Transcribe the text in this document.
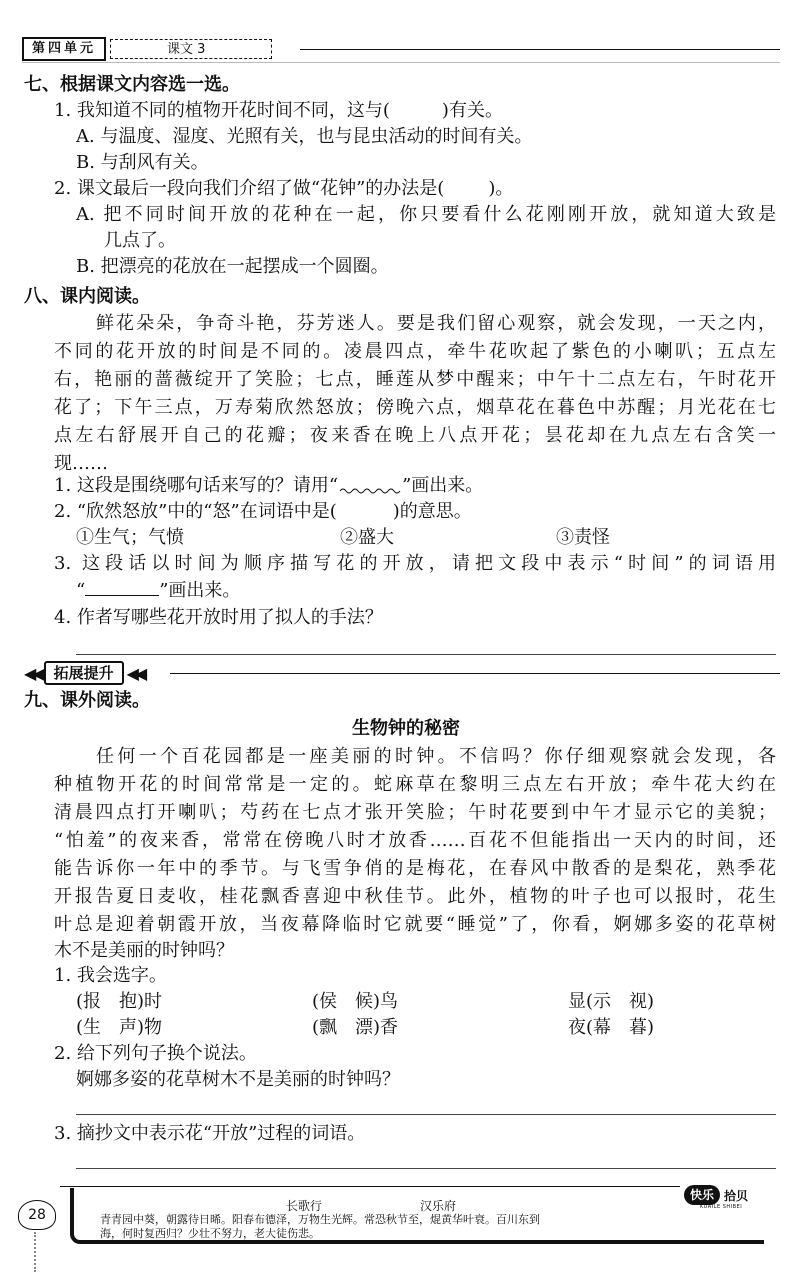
第四单元	课文 3
七、根据课文内容选一选。
1. 我知道不同的植物开花时间不同，这与(	)有关。
A. 与温度、湿度、光照有关，也与昆虫活动的时间有关。
B. 与刮风有关。
2. 课文最后一段向我们介绍了做“花钟”的办法是( )。
A. 把不同时间开放的花种在一起，你只要看什么花刚刚开放，就知道大致是
几点了。
B. 把漂亮的花放在一起摆成一个圆圈。
八、课内阅读。
鲜花朵朵，争奇斗艳，芬芳迷人。要是我们留心观察，就会发现，一天之内，
不同的花开放的时间是不同的。凌晨四点，牵牛花吹起了紫色的小喇叭；五点左
右，艳丽的蔷薇绽开了笑脸；七点，睡莲从梦中醒来；中午十二点左右，午时花开
花了；下午三点，万寿菊欣然怒放；傍晚六点，烟草花在暮色中苏醒；月光花在七
点左右舒展开自己的花瓣；夜来香在晚上八点开花；昙花却在九点左右含笑一
现……
1. 这段是围绕哪句话来写的？请用“	”画出来。
2. “欣然怒放”中的“怒”在词语中是(	)的意思。
①生气；气愤	②盛大	③责怪
3. 这段话以时间为顺序描写花的开放，请把文段中表示“时间”的词语用
“	”画出来。
4. 作者写哪些花开放时用了拟人的手法？
◀◀ 拓展提升 ◀◀
九、课外阅读。
生物钟的秘密
任何一个百花园都是一座美丽的时钟。不信吗？你仔细观察就会发现，各
种植物开花的时间常常是一定的。蛇麻草在黎明三点左右开放；牵牛花大约在
清晨四点打开喇叭；芍药在七点才张开笑脸；午时花要到中午才显示它的美貌；
“怕羞”的夜来香，常常在傍晚八时才放香……百花不但能指出一天内的时间，还
能告诉你一年中的季节。与飞雪争俏的是梅花，在春风中散香的是梨花，熟季花
开报告夏日麦收，桂花飘香喜迎中秋佳节。此外，植物的叶子也可以报时，花生
叶总是迎着朝霞开放，当夜幕降临时它就要“睡觉”了，你看，婀娜多姿的花草树
木不是美丽的时钟吗？
1. 我会选字。
(报　抱)时	(侯　候)鸟	显(示　视)
(生　声)物	(飘　漂)香	夜(幕　暮)
2. 给下列句子换个说法。
婀娜多姿的花草树木不是美丽的时钟吗？
3. 摘抄文中表示花“开放”过程的词语。
28
长歌行	汉乐府
青青园中葵，朝露待日晞。阳春布德泽，万物生光辉。常恐秋节至，焜黄华叶衰。百川东到
海，何时复西归？少壮不努力，老大徒伤悲。
快乐 拾贝
KUAILE SHIBEI
